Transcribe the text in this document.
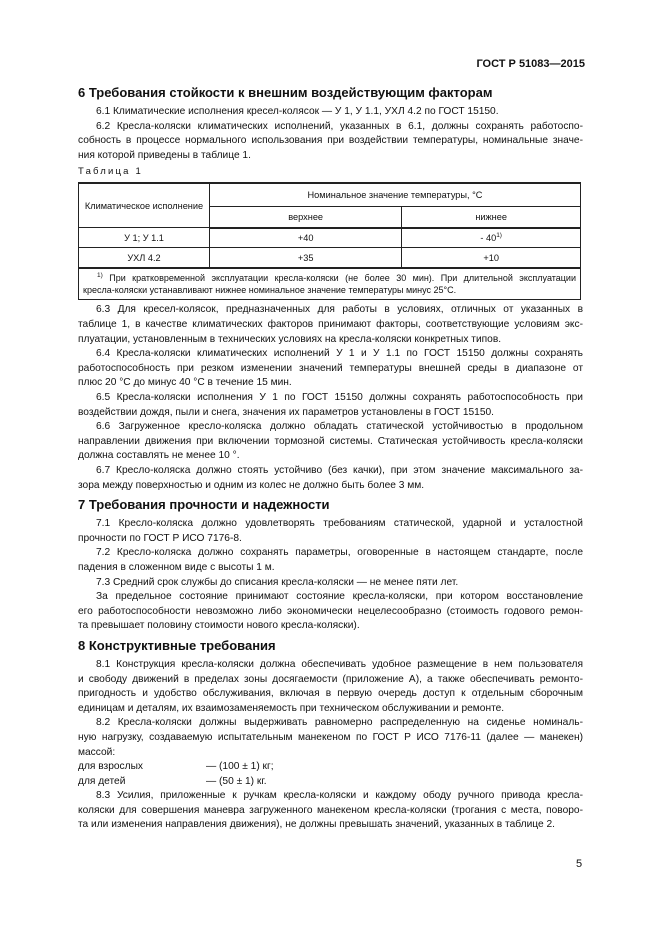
ГОСТ Р 51083—2015
6 Требования стойкости к внешним воздействующим факторам
6.1 Климатические исполнения кресел-колясок — У 1, У 1.1, УХЛ 4.2 по ГОСТ 15150.
6.2 Кресла-коляски климатических исполнений, указанных в 6.1, должны сохранять работоспо-
собность в процессе нормального использования при воздействии температуры, номинальные значе-
ния которой приведены в таблице 1.
Таблица 1
Климатическое исполнение	Номинальное значение температуры, °С	
	верхнее	нижнее
У 1; У 1.1	+40	- 40$^{1)}$
УХЛ 4.2	+35	+10

$^{1)}$ При кратковременной эксплуатации кресла-коляски (не более 30 мин). При длительной эксплуатации
кресла-коляски устанавливают нижнее номинальное значение температуры минус 25°С.		
6.3 Для кресел-колясок, предназначенных для работы в условиях, отличных от указанных в
таблице 1, в качестве климатических факторов принимают факторы, соответствующие условиям экс-
плуатации, установленным в технических условиях на кресла-коляски конкретных типов.
6.4 Кресла-коляски климатических исполнений У 1 и У 1.1 по ГОСТ 15150 должны сохранять
работоспособность при резком изменении значений температуры внешней среды в диапазоне от
плюс 20 °С до минус 40 °С в течение 15 мин.
6.5 Кресла-коляски исполнения У 1 по ГОСТ 15150 должны сохранять работоспособность при
воздействии дождя, пыли и снега, значения их параметров установлены в ГОСТ 15150.
6.6 Загруженное кресло-коляска должно обладать статической устойчивостью в продольном
направлении движения при включении тормозной системы. Статическая устойчивость кресла-коляски
должна составлять не менее 10 °.
6.7 Кресло-коляска должно стоять устойчиво (без качки), при этом значение максимального за-
зора между поверхностью и одним из колес не должно быть более 3 мм.
7 Требования прочности и надежности
7.1 Кресло-коляска должно удовлетворять требованиям статической, ударной и усталостной
прочности по ГОСТ Р ИСО 7176-8.
7.2 Кресло-коляска должно сохранять параметры, оговоренные в настоящем стандарте, после
падения в сложенном виде с высоты 1 м.
7.3 Средний срок службы до списания кресла-коляски — не менее пяти лет.
За предельное состояние принимают состояние кресла-коляски, при котором восстановление
его работоспособности невозможно либо экономически нецелесообразно (стоимость годового ремон-
та превышает половину стоимости нового кресла-коляски).
8 Конструктивные требования
8.1 Конструкция кресла-коляски должна обеспечивать удобное размещение в нем пользователя
и свободу движений в пределах зоны досягаемости (приложение А), а также обеспечивать ремонто-
пригодность и удобство обслуживания, включая в первую очередь доступ к отдельным сборочным
единицам и деталям, их взаимозаменяемость при техническом обслуживании и ремонте.
8.2 Кресла-коляски должны выдерживать равномерно распределенную на сиденье номиналь-
ную нагрузку, создаваемую испытательным манекеном по ГОСТ Р ИСО 7176-11 (далее — манекен)
массой:
для взрослых	— (100 ± 1) кг;
для детей	— (50 ± 1) кг.
8.3 Усилия, приложенные к ручкам кресла-коляски и каждому ободу ручного привода кресла-
коляски для совершения маневра загруженного манекеном кресла-коляски (трогания с места, поворо-
та или изменения направления движения), не должны превышать значений, указанных в таблице 2.
5
